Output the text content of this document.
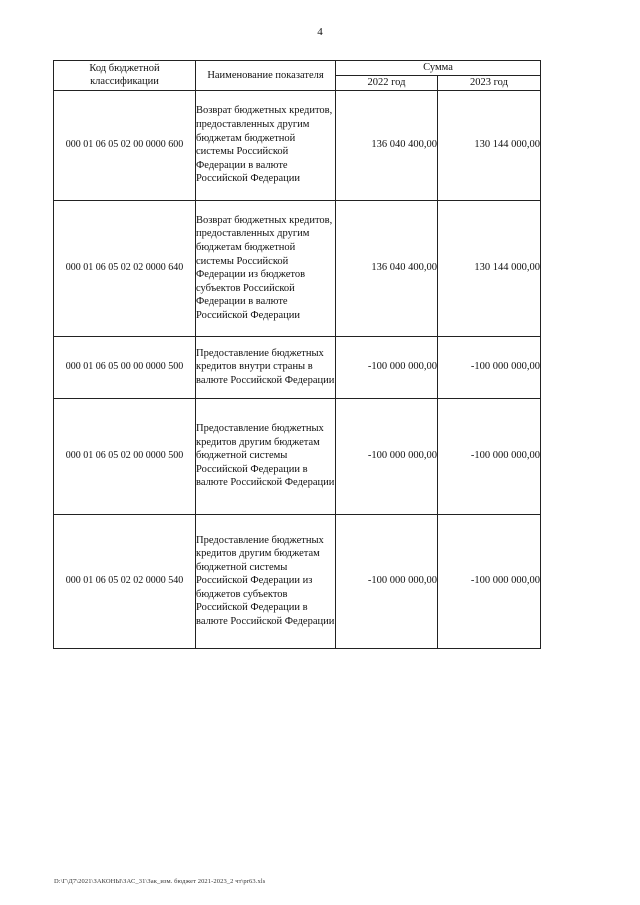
4
Код бюджетной классификации	Наименование показателя	Сумма	
		2022 год	2023 год
000 01 06 05 02 00 0000 600	Возврат бюджетных кредитов, предоставленных другим бюджетам бюджетной системы Российской Федерации в валюте Российской Федерации	136 040 400,00	130 144 000,00
000 01 06 05 02 02 0000 640	Возврат бюджетных кредитов, предоставленных другим бюджетам бюджетной системы Российской Федерации из бюджетов субъектов Российской Федерации в валюте Российской Федерации	136 040 400,00	130 144 000,00
000 01 06 05 00 00 0000 500	Предоставление бюджетных кредитов внутри страны в валюте Российской Федерации	-100 000 000,00	-100 000 000,00
000 01 06 05 02 00 0000 500	Предоставление бюджетных кредитов другим бюджетам бюджетной системы Российской Федерации в валюте Российской Федерации	-100 000 000,00	-100 000 000,00
000 01 06 05 02 02 0000 540	Предоставление бюджетных кредитов другим бюджетам бюджетной системы Российской Федерации из бюджетов субъектов Российской Федерации в валюте Российской Федерации	-100 000 000,00	-100 000 000,00
D:\Г\Д7\2021\ЗАКОНЫ\ЗАС_31\Зак_изм. бюджет 2021-2023_2 чт\pr63.xls
